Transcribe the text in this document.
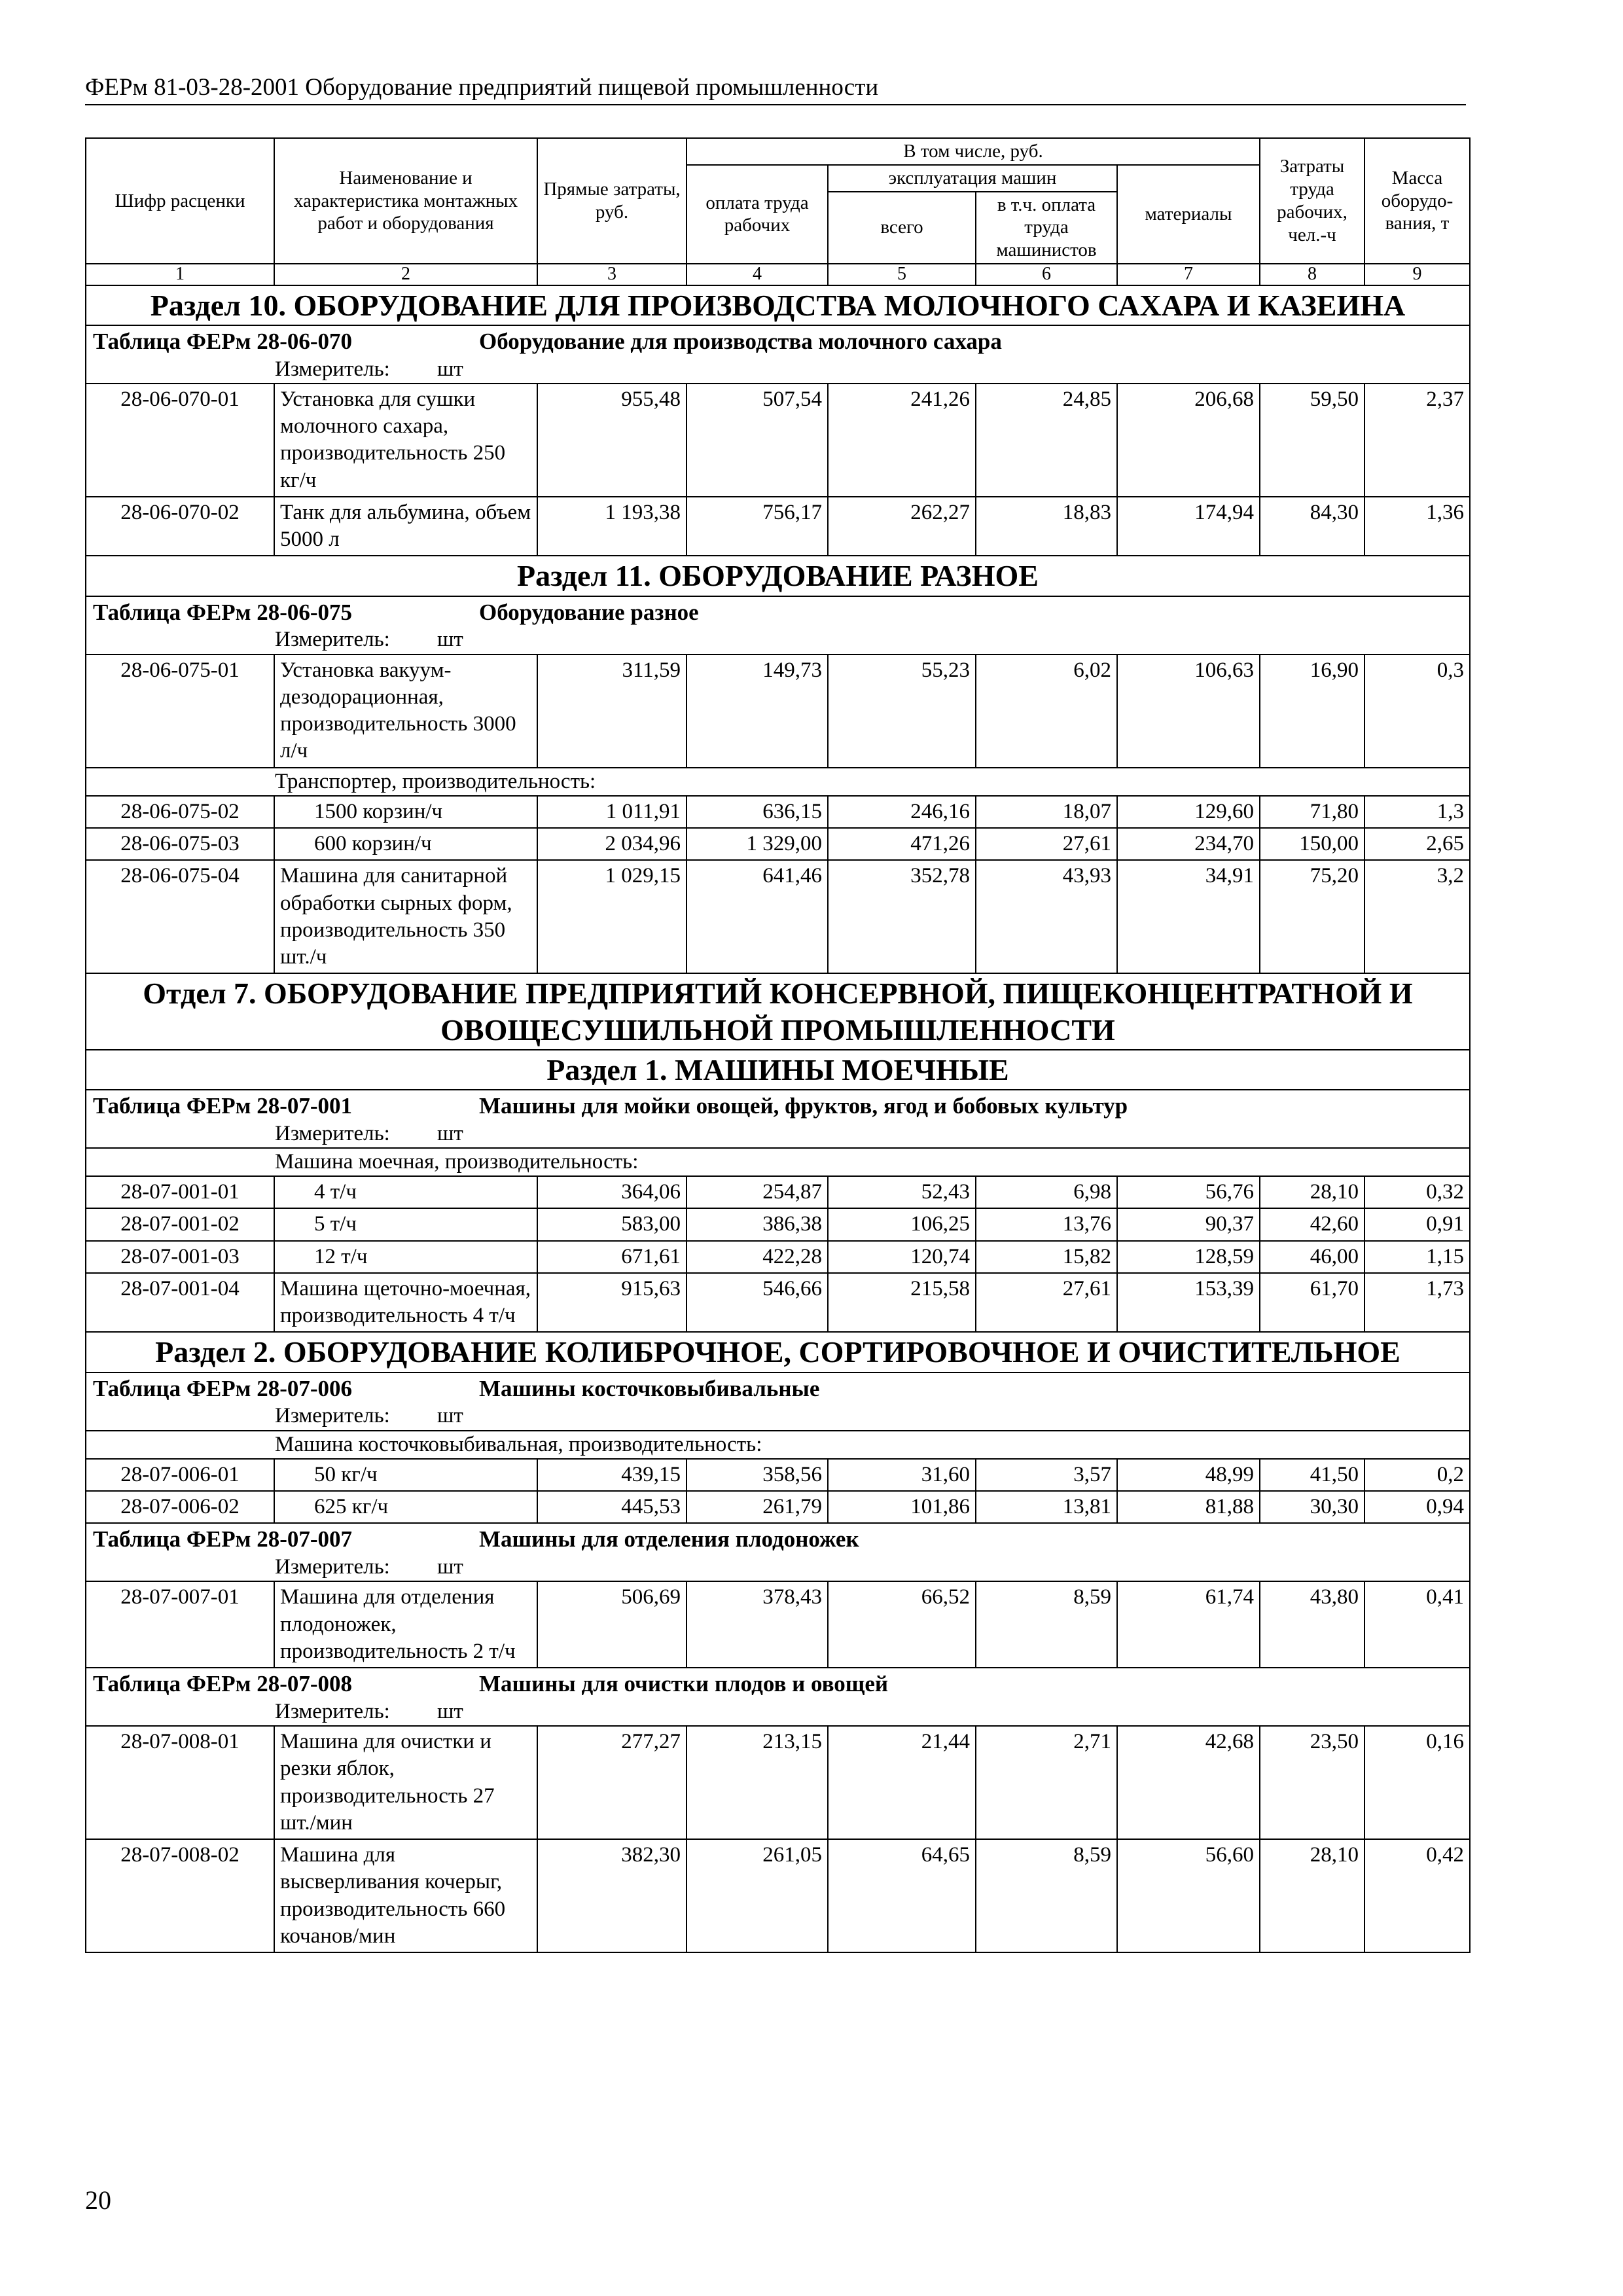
ФЕРм 81-03-28-2001 Оборудование предприятий пищевой промышленности
Шифр расценки	Наименование и характеристика монтажных работ и оборудования	Прямые затраты, руб.	В том числе, руб.				Затраты труда рабочих, чел.-ч	Масса оборудо-вания, т
			оплата труда рабочих	эксплуатация машин		материалы		
				всего	в т.ч. оплата труда машинистов			
1	2	3	4	5	6	7	8	9
Раздел 10. ОБОРУДОВАНИЕ ДЛЯ ПРОИЗВОДСТВА МОЛОЧНОГО САХАРА И КАЗЕИНА								
Таблица ФЕРм 28-06-070 Оборудование для производства молочного сахара								
Измеритель: шт								
28-06-070-01	Установка для сушки молочного сахара, производительность 250 кг/ч	955,48	507,54	241,26	24,85	206,68	59,50	2,37
28-06-070-02	Танк для альбумина, объем 5000 л	1 193,38	756,17	262,27	18,83	174,94	84,30	1,36
Раздел 11. ОБОРУДОВАНИЕ РАЗНОЕ								
Таблица ФЕРм 28-06-075 Оборудование разное								
Измеритель: шт								
28-06-075-01	Установка вакуум-дезодорационная, производительность 3000 л/ч	311,59	149,73	55,23	6,02	106,63	16,90	0,3
Транспортер, производительность:								
28-06-075-02	1500 корзин/ч	1 011,91	636,15	246,16	18,07	129,60	71,80	1,3
28-06-075-03	600 корзин/ч	2 034,96	1 329,00	471,26	27,61	234,70	150,00	2,65
28-06-075-04	Машина для санитарной обработки сырных форм, производительность 350 шт./ч	1 029,15	641,46	352,78	43,93	34,91	75,20	3,2
Отдел 7. ОБОРУДОВАНИЕ ПРЕДПРИЯТИЙ КОНСЕРВНОЙ, ПИЩЕКОНЦЕНТРАТНОЙ И ОВОЩЕСУШИЛЬНОЙ ПРОМЫШЛЕННОСТИ								
Раздел 1. МАШИНЫ МОЕЧНЫЕ								
Таблица ФЕРм 28-07-001 Машины для мойки овощей, фруктов, ягод и бобовых культур								
Измеритель: шт								
Машина моечная, производительность:								
28-07-001-01	4 т/ч	364,06	254,87	52,43	6,98	56,76	28,10	0,32
28-07-001-02	5 т/ч	583,00	386,38	106,25	13,76	90,37	42,60	0,91
28-07-001-03	12 т/ч	671,61	422,28	120,74	15,82	128,59	46,00	1,15
28-07-001-04	Машина щеточно-моечная, производительность 4 т/ч	915,63	546,66	215,58	27,61	153,39	61,70	1,73
Раздел 2. ОБОРУДОВАНИЕ КОЛИБРОЧНОЕ, СОРТИРОВОЧНОЕ И ОЧИСТИТЕЛЬНОЕ								
Таблица ФЕРм 28-07-006 Машины косточковыбивальные								
Измеритель: шт								
Машина косточковыбивальная, производительность:								
28-07-006-01	50 кг/ч	439,15	358,56	31,60	3,57	48,99	41,50	0,2
28-07-006-02	625 кг/ч	445,53	261,79	101,86	13,81	81,88	30,30	0,94
Таблица ФЕРм 28-07-007 Машины для отделения плодоножек								
Измеритель: шт								
28-07-007-01	Машина для отделения плодоножек, производительность 2 т/ч	506,69	378,43	66,52	8,59	61,74	43,80	0,41
Таблица ФЕРм 28-07-008 Машины для очистки плодов и овощей								
Измеритель: шт								
28-07-008-01	Машина для очистки и резки яблок, производительность 27 шт./мин	277,27	213,15	21,44	2,71	42,68	23,50	0,16
28-07-008-02	Машина для высверливания кочерыг, производительность 660 кочанов/мин	382,30	261,05	64,65	8,59	56,60	28,10	0,42
20
